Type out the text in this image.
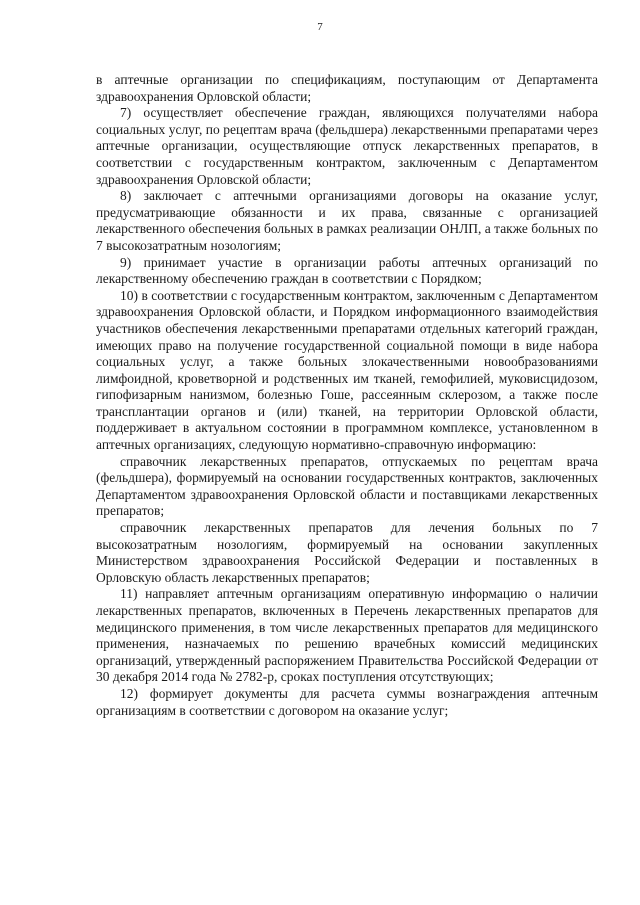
7

в аптечные организации по спецификациям, поступающим от Департамента здравоохранения Орловской области;

7) осуществляет обеспечение граждан, являющихся получателями набора социальных услуг, по рецептам врача (фельдшера) лекарственными препаратами через аптечные организации, осуществляющие отпуск лекарственных препаратов, в соответствии с государственным контрактом, заключенным с Департаментом здравоохранения Орловской области;

8) заключает с аптечными организациями договоры на оказание услуг, предусматривающие обязанности и их права, связанные с организацией лекарственного обеспечения больных в рамках реализации ОНЛП, а также больных по 7 высокозатратным нозологиям;

9) принимает участие в организации работы аптечных организаций по лекарственному обеспечению граждан в соответствии с Порядком;

10) в соответствии с государственным контрактом, заключенным с Департаментом здравоохранения Орловской области, и Порядком информационного взаимодействия участников обеспечения лекарственными препаратами отдельных категорий граждан, имеющих право на получение государственной социальной помощи в виде набора социальных услуг, а также больных злокачественными новообразованиями лимфоидной, кроветворной и родственных им тканей, гемофилией, муковисцидозом, гипофизарным нанизмом, болезнью Гоше, рассеянным склерозом, а также после трансплантации органов и (или) тканей, на территории Орловской области, поддерживает в актуальном состоянии в программном комплексе, установленном в аптечных организациях, следующую нормативно-справочную информацию:

справочник лекарственных препаратов, отпускаемых по рецептам врача (фельдшера), формируемый на основании государственных контрактов, заключенных Департаментом здравоохранения Орловской области и поставщиками лекарственных препаратов;

справочник лекарственных препаратов для лечения больных по 7 высокозатратным нозологиям, формируемый на основании закупленных Министерством здравоохранения Российской Федерации и поставленных в Орловскую область лекарственных препаратов;

11) направляет аптечным организациям оперативную информацию о наличии лекарственных препаратов, включенных в Перечень лекарственных препаратов для медицинского применения, в том числе лекарственных препаратов для медицинского применения, назначаемых по решению врачебных комиссий медицинских организаций, утвержденный распоряжением Правительства Российской Федерации от 30 декабря 2014 года № 2782-р, сроках поступления отсутствующих;

12) формирует документы для расчета суммы вознаграждения аптечным организациям в соответствии с договором на оказание услуг;
